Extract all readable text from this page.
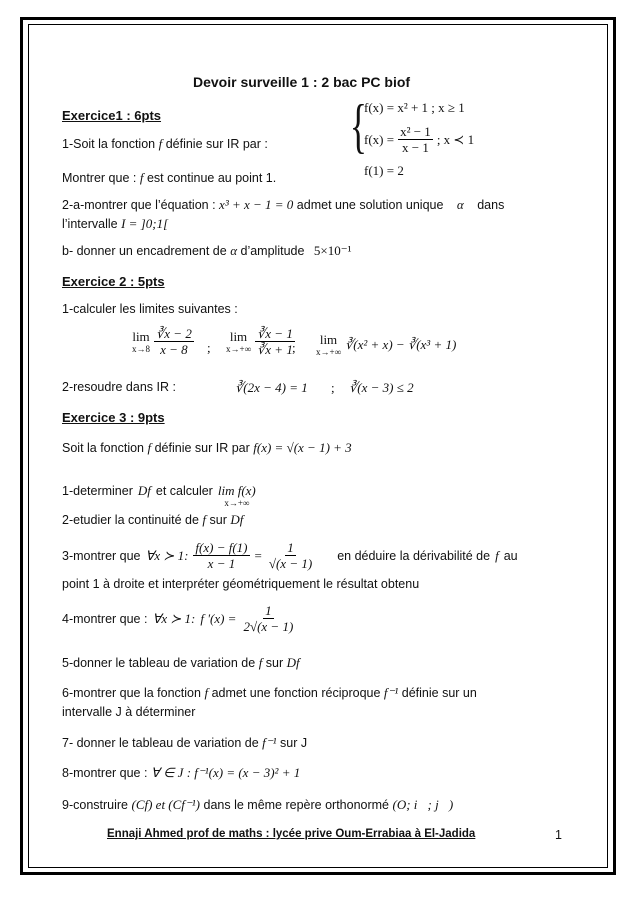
Devoir surveille 1 : 2 bac PC biof
{
f(x) = x² + 1 ; x ≥ 1
$f(x) = \frac{\text{x² − 1}}{x - 1}$ ; x ≺ 1
f(1) = 2
Exercice1 : 6pts
1-Soit la fonction f définie sur IR par :
Montrer que : f est continue au point 1.
2-a-montrer que l’équation : x³ + x − 1 = 0 admet une solution unique α dans
l’intervalle I = ]0;1[
b- donner un encadrement de α d’amplitude 5×10⁻¹
Exercice 2 : 5pts
1-calculer les limites suivantes :
lim
$x\to 8 \frac{∛x - 2}{x - 8}$ ;
lim
$x\to+\infty \frac{∛x - 1}{∛x + 1}$
;
lim
x→+∞ ∛(x² + x) − ∛(x³ + 1)
2-resoudre dans IR :	∛(2x − 4) = 1 ; ∛(x − 3) ≤ 2
Exercice 3 : 9pts
Soit la fonction f définie sur IR par f(x) = √(x − 1) + 3
1-determiner Df et calculer lim f(x)
x→+∞
2-etudier la continuité de f sur Df
3-montrer que ∀x ≻ 1: $\frac{f(x) - f(1)}{x - 1} = \frac{1}{√(x - 1)}$ en déduire la dérivabilité de f au
point 1 à droite et interpréter géométriquement le résultat obtenu
4-montrer que : ∀x ≻ 1: f '$(x) = \frac{1}{2√(x - 1)}$
5-donner le tableau de variation de f sur Df
6-montrer que la fonction f admet une fonction réciproque f⁻¹ définie sur un
intervalle J à déterminer
7- donner le tableau de variation de f⁻¹ sur J
8-montrer que : ∀ ∈ J : f⁻¹(x) = (x − 3)² + 1
9-construire (Cf) et (Cf⁻¹) dans le même repère orthonormé (O; i⃗; j⃗)
Ennaji Ahmed prof de maths : lycée prive Oum-Errabiaa à El-Jadida	1
